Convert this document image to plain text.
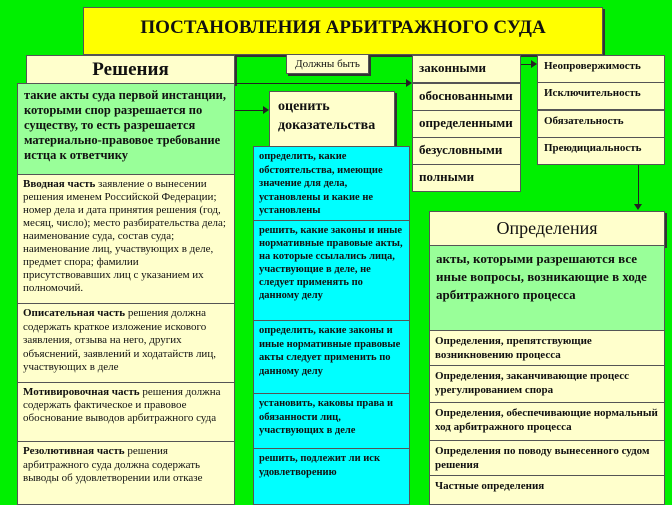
ПОСТАНОВЛЕНИЯ АРБИТРАЖНОГО СУДА
Решения
такие акты суда первой инстанции, которыми спор разрешается по существу, то есть разрешается материально-правовое требование истца к ответчику
Вводная часть заявление о вынесении решения именем Российской Федерации; номер дела и дата принятия решения (год, месяц, число); место разбирательства дела; наименование суда, состав суда; наименование лиц, участвующих в деле, предмет спора; фамилии присутствовавших лиц с указанием их полномочий.
Описательная часть решения должна содержать краткое изложение искового заявления, отзыва на него, других объяснений, заявлений и ходатайств лиц, участвующих в деле
Мотивировочная часть решения должна содержать фактическое и правовое обоснование выводов арбитражного суда
Резолютивная часть решения арбитражного суда должна содержать выводы об удовлетворении или отказе
Должны быть	законными
обоснованными
определенными
безусловными
полными
Неопровержимость
Исключительность
Обязательность
Преюдициальность
оценить доказательства
определить, какие обстоятельства, имеющие значение для дела, установлены и какие не установлены
решить, какие законы и иные нормативные правовые акты, на которые ссылались лица, участвующие в деле, не следует применять по данному делу
определить, какие законы и иные нормативные правовые акты следует применить по данному делу
установить, каковы права и обязанности лиц, участвующих в деле
решить, подлежит ли иск удовлетворению
Определения
акты, которыми разрешаются все иные вопросы, возникающие в ходе арбитражного процесса
Определения, препятствующие возникновению процесса
Определения, заканчивающие процесс урегулированием спора
Определения, обеспечивающие нормальный ход арбитражного процесса
Определения по поводу вынесенного судом решения
Частные определения
